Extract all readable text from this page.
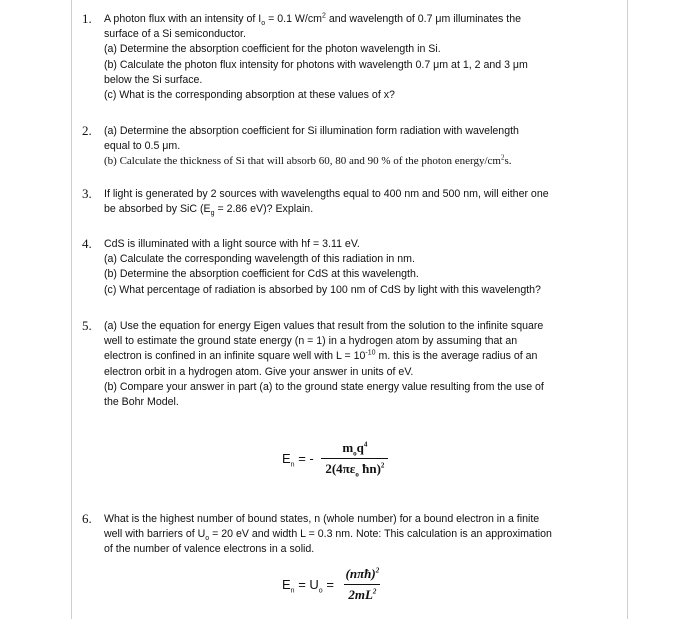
1. A photon flux with an intensity of $I_o = 0.1$ $W/cm^2$ and wavelength of 0.7 μm illuminates the
surface of a Si semiconductor.
(a) Determine the absorption coefficient for the photon wavelength in Si.
(b) Calculate the photon flux intensity for photons with wavelength 0.7 μm at 1, 2 and 3 μm
below the Si surface.
(c) What is the corresponding absorption at these values of x?
2. (a) Determine the absorption coefficient for Si illumination form radiation with wavelength
equal to 0.5 μm.
(b) Calculate the thickness of Si that will absorb 60, 80 and 90 % of the photon energy/$cm^2s$.
3. If light is generated by 2 sources with wavelengths equal to 400 nm and 500 nm, will either one
be absorbed by SiC ($E_g = 2.86$ eV)? Explain.
4. CdS is illuminated with a light source with hf = 3.11 eV.
(a) Calculate the corresponding wavelength of this radiation in nm.
(b) Determine the absorption coefficient for CdS at this wavelength.
(c) What percentage of radiation is absorbed by 100 nm of CdS by light with this wavelength?
5. (a) Use the equation for energy Eigen values that result from the solution to the infinite square
well to estimate the ground state energy (n = 1) in a hydrogen atom by assuming that an
electron is confined in an infinite square well with $L = 10^{-10}$ m. this is the average radius of an
electron orbit in a hydrogen atom. Give your answer in units of eV.
(b) Compare your answer in part (a) to the ground state energy value resulting from the use of
the Bohr Model.
$E_n$ = - $\frac{m_oq^4}{2(4\pi\varepsilon_o ħn)^2}$
6. What is the highest number of bound states, n (whole number) for a bound electron in a finite
well with barriers of $U_o = 20$ eV and width L = 0.3 nm. Note: This calculation is an approximation
of the number of valence electrons in a solid.
$E_n = U_o = \frac{(n\pi ħ)^2}{2mL^2}$
